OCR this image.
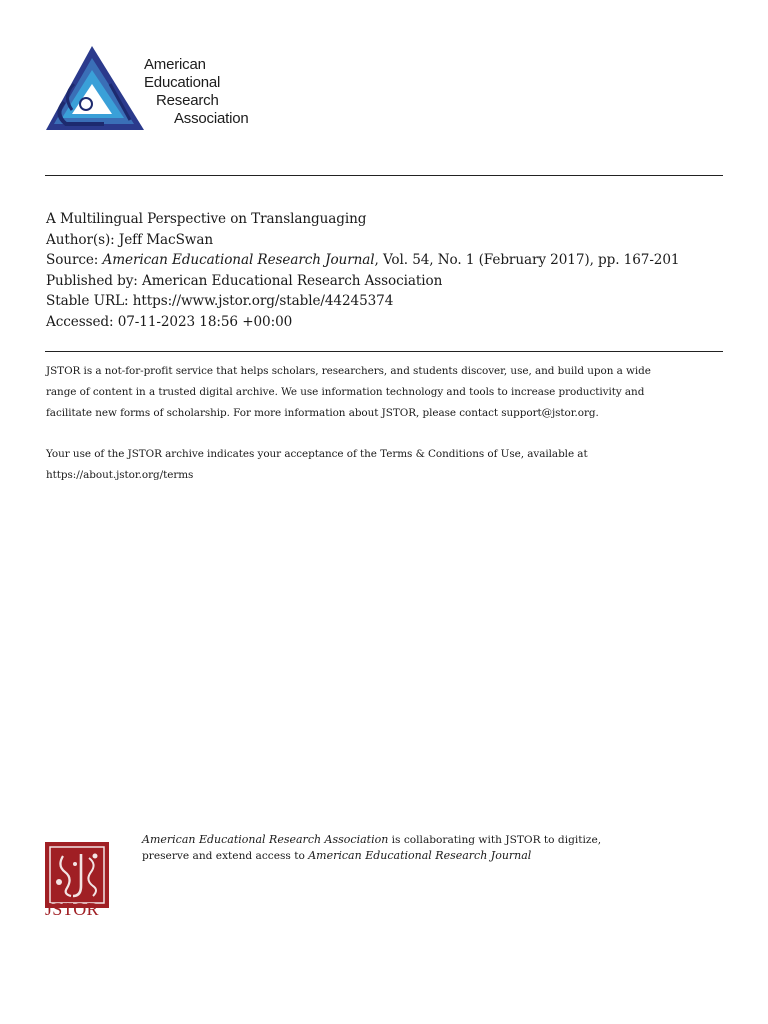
American
Educational
Research
Association
A Multilingual Perspective on Translanguaging
Author(s): Jeff MacSwan
Source: American Educational Research Journal, Vol. 54, No. 1 (February 2017), pp. 167-201
Published by: American Educational Research Association
Stable URL: https://www.jstor.org/stable/44245374
Accessed: 07-11-2023 18:56 +00:00

JSTOR is a not-for-profit service that helps scholars, researchers, and students discover, use, and build upon a wide

range of content in a trusted digital archive. We use information technology and tools to increase productivity and

facilitate new forms of scholarship. For more information about JSTOR, please contact support@jstor.org.

Your use of the JSTOR archive indicates your acceptance of the Terms & Conditions of Use, available at

https://about.jstor.org/terms

JSTOR
American Educational Research Association is collaborating with JSTOR to digitize,
preserve and extend access to American Educational Research Journal
